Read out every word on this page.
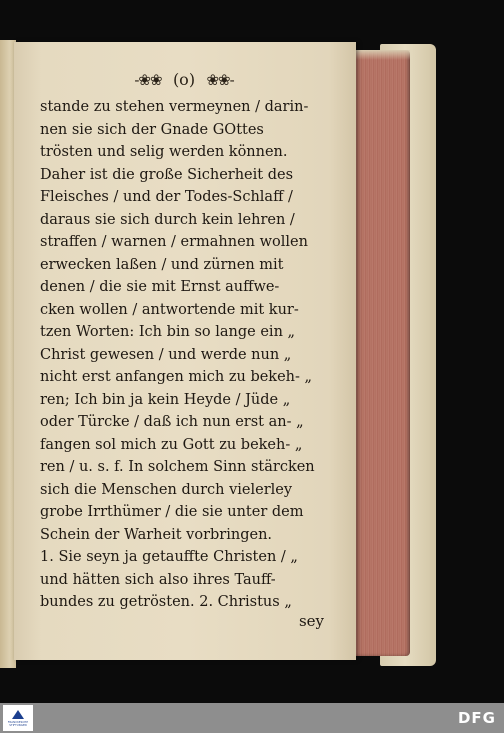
-❀❀ (o) ❀❀-
stande zu stehen vermeynen / darin-
nen sie sich der Gnade GOttes
trösten und selig werden können.
Daher ist die große Sicherheit des
Fleisches / und der Todes-Schlaff /
daraus sie sich durch kein lehren /
straffen / warnen / ermahnen wollen
erwecken laßen / und zürnen mit
denen / die sie mit Ernst auffwe-
cken wollen / antwortende mit kur-
tzen Worten: Ich bin so lange ein „
Christ gewesen / und werde nun „
nicht erst anfangen mich zu bekeh- „
ren; Ich bin ja kein Heyde / Jüde „
oder Türcke / daß ich nun erst an- „
fangen sol mich zu Gott zu bekeh- „
ren / u. s. f. In solchem Sinn stärcken
sich die Menschen durch vielerley
grobe Irrthümer / die sie unter dem
Schein der Warheit vorbringen.
1. Sie seyn ja getauffte Christen / „
und hätten sich also ihres Tauff-
bundes zu getrösten. 2. Christus „
sey
FRANCKESCHE STIFTUNGEN	DFG
